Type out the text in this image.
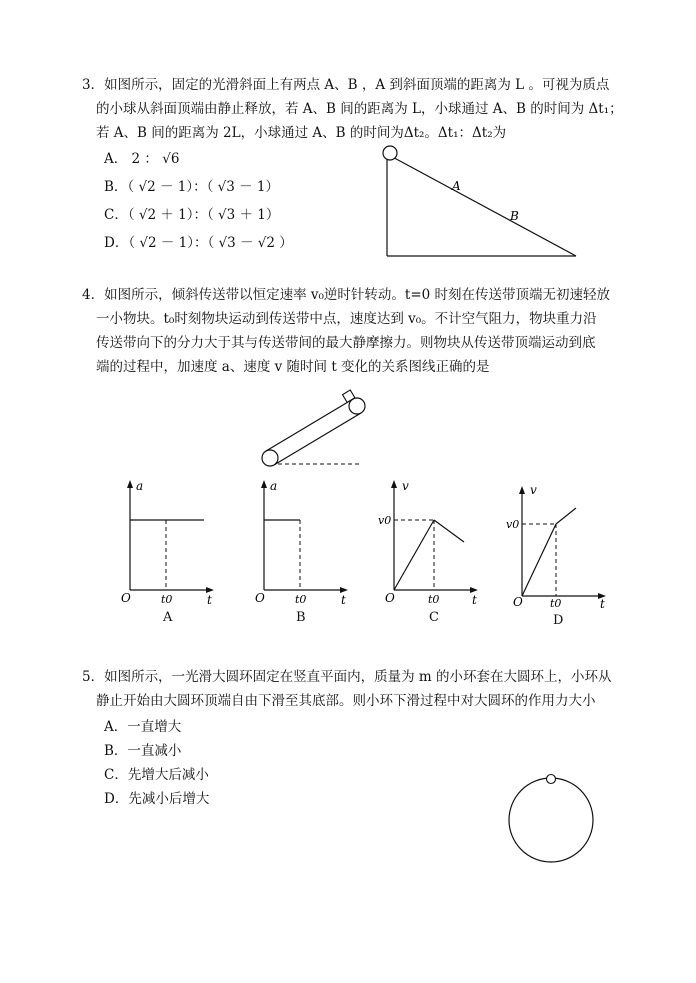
3．如图所示，固定的光滑斜面上有两点 A、B ，A 到斜面顶端的距离为 L 。可视为质点
的小球从斜面顶端由静止释放，若 A、B 间的距离为 L，小球通过 A、B 的时间为 Δt₁；
若 A、B 间的距离为 2L，小球通过 A、B 的时间为Δt₂。Δt₁：Δt₂为
A． 2 ： √6
B．（ √2 － 1）：（ √3 － 1）
C．（ √2 ＋ 1）：（ √3 ＋ 1）
D．（ √2 － 1）：（ √3 － √2 ）
A
B
4．如图所示，倾斜传送带以恒定速率 v₀逆时针转动。t=0 时刻在传送带顶端无初速轻放
一小物块。t₀时刻物块运动到传送带中点，速度达到 v₀。不计空气阻力，物块重力沿
传送带向下的分力大于其与传送带间的最大静摩擦力。则物块从传送带顶端运动到底
端的过程中，加速度 a、速度 v 随时间 t 变化的关系图线正确的是
a
O	t0	t
A
a
O	t0	t
B
v
v0
O	t0	t
C
v
v0
O t0	t
D
5．如图所示，一光滑大圆环固定在竖直平面内，质量为 m 的小环套在大圆环上，小环从
静止开始由大圆环顶端自由下滑至其底部。则小环下滑过程中对大圆环的作用力大小
A．一直增大
B．一直减小
C．先增大后减小
D．先减小后增大
